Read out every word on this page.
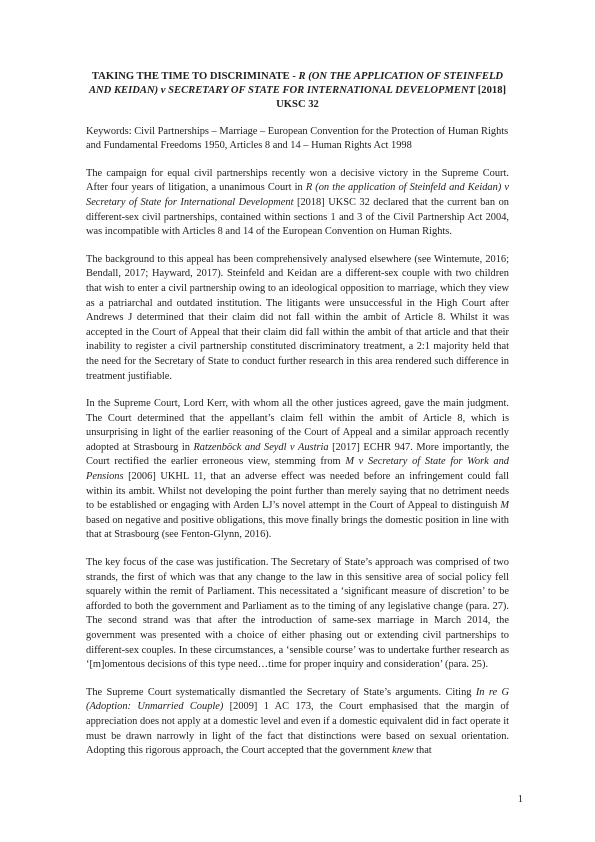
TAKING THE TIME TO DISCRIMINATE - R (ON THE APPLICATION OF STEINFELD AND KEIDAN) v SECRETARY OF STATE FOR INTERNATIONAL DEVELOPMENT [2018] UKSC 32
Keywords: Civil Partnerships – Marriage – European Convention for the Protection of Human Rights and Fundamental Freedoms 1950, Articles 8 and 14 – Human Rights Act 1998

The campaign for equal civil partnerships recently won a decisive victory in the Supreme Court. After four years of litigation, a unanimous Court in R (on the application of Steinfeld and Keidan) v Secretary of State for International Development [2018] UKSC 32 declared that the current ban on different-sex civil partnerships, contained within sections 1 and 3 of the Civil Partnership Act 2004, was incompatible with Articles 8 and 14 of the European Convention on Human Rights.

The background to this appeal has been comprehensively analysed elsewhere (see Wintemute, 2016; Bendall, 2017; Hayward, 2017). Steinfeld and Keidan are a different-sex couple with two children that wish to enter a civil partnership owing to an ideological opposition to marriage, which they view as a patriarchal and outdated institution. The litigants were unsuccessful in the High Court after Andrews J determined that their claim did not fall within the ambit of Article 8. Whilst it was accepted in the Court of Appeal that their claim did fall within the ambit of that article and that their inability to register a civil partnership constituted discriminatory treatment, a 2:1 majority held that the need for the Secretary of State to conduct further research in this area rendered such difference in treatment justifiable.

In the Supreme Court, Lord Kerr, with whom all the other justices agreed, gave the main judgment. The Court determined that the appellant’s claim fell within the ambit of Article 8, which is unsurprising in light of the earlier reasoning of the Court of Appeal and a similar approach recently adopted at Strasbourg in Ratzenböck and Seydl v Austria [2017] ECHR 947. More importantly, the Court rectified the earlier erroneous view, stemming from M v Secretary of State for Work and Pensions [2006] UKHL 11, that an adverse effect was needed before an infringement could fall within its ambit. Whilst not developing the point further than merely saying that no detriment needs to be established or engaging with Arden LJ’s novel attempt in the Court of Appeal to distinguish M based on negative and positive obligations, this move finally brings the domestic position in line with that at Strasbourg (see Fenton-Glynn, 2016).

The key focus of the case was justification. The Secretary of State’s approach was comprised of two strands, the first of which was that any change to the law in this sensitive area of social policy fell squarely within the remit of Parliament. This necessitated a ‘significant measure of discretion’ to be afforded to both the government and Parliament as to the timing of any legislative change (para. 27). The second strand was that after the introduction of same-sex marriage in March 2014, the government was presented with a choice of either phasing out or extending civil partnerships to different-sex couples. In these circumstances, a ‘sensible course’ was to undertake further research as ‘[m]omentous decisions of this type need…time for proper inquiry and consideration’ (para. 25).

The Supreme Court systematically dismantled the Secretary of State’s arguments. Citing In re G (Adoption: Unmarried Couple) [2009] 1 AC 173, the Court emphasised that the margin of appreciation does not apply at a domestic level and even if a domestic equivalent did in fact operate it must be drawn narrowly in light of the fact that distinctions were based on sexual orientation. Adopting this rigorous approach, the Court accepted that the government knew that

1
